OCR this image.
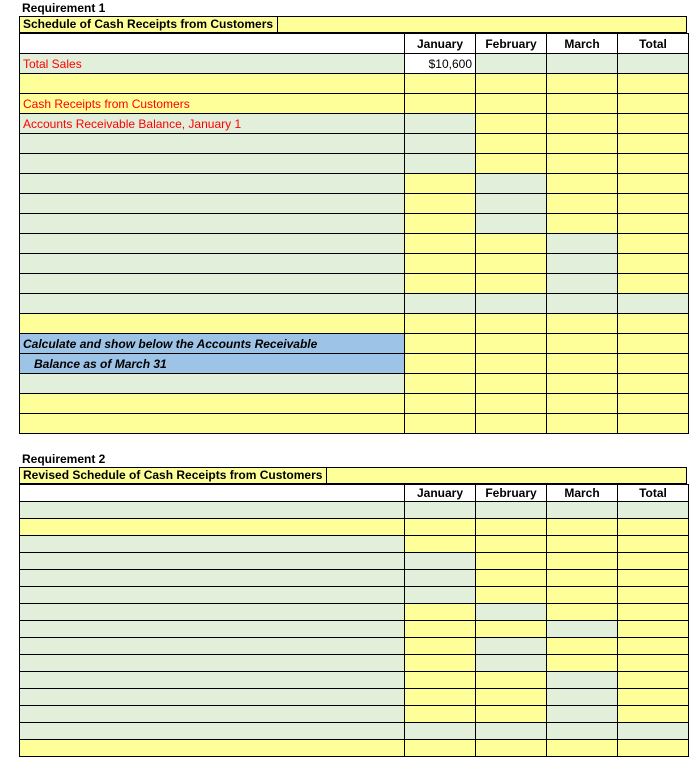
Requirement 1
Schedule of Cash Receipts from Customers
	January	February	March	Total
Total Sales	$10,600			

Cash Receipts from Customers				
Accounts Receivable Balance, January 1				

Calculate and show below the Accounts Receivable				
Balance as of March 31				

Requirement 2
Revised Schedule of Cash Receipts from Customers
	January	February	March	Total
